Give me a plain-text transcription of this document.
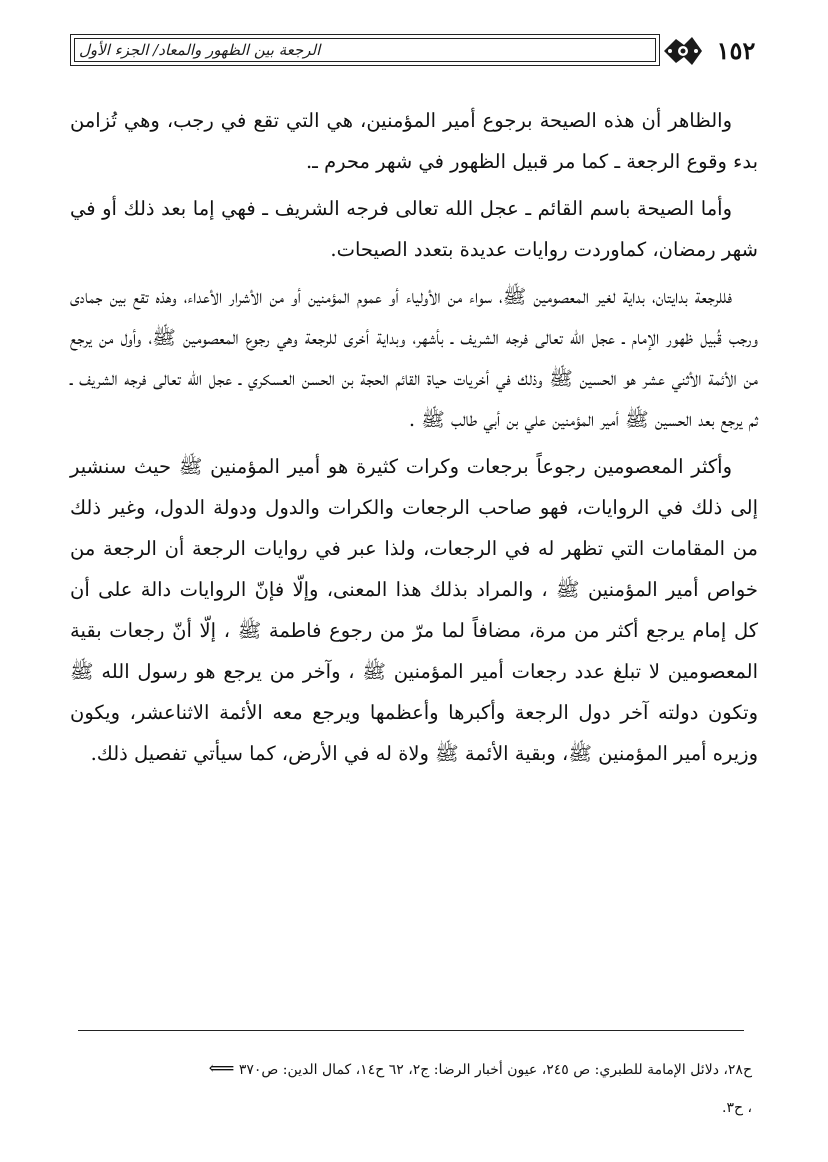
الرجعة بين الظهور والمعاد/ الجزء الأول	١٥٢

والظاهر أن هذه الصيحة برجوع أمير المؤمنين، هي التي تقع في رجب، وهي تُزامن بدء وقوع الرجعة ـ كما مر قبيل الظهور في شهر محرم ـ.

وأما الصيحة باسم القائم ـ عجل الله تعالى فرجه الشريف ـ فهي إما بعد ذلك أو في شهر رمضان، كماوردت روايات عديدة بتعدد الصيحات.

فللرجعة بدايتان، بداية لغير المعصومين ﷺ، سواء من الأولياء أو عموم المؤمنين أو من الأشرار الأعداء، وهذه تقع بين جمادى ورجب قُبيل ظهور الإمام ـ عجل الله تعالى فرجه الشريف ـ بأشهر، وبداية أخرى للرجعة وهي رجوع المعصومين ﷺ، وأول من يرجع من الأئمة الأثني عشر هو الحسين ﷺ وذلك في أخريات حياة القائم الحجة بن الحسن العسكري ـ عجل الله تعالى فرجه الشريف ـ ثم يرجع بعد الحسين ﷺ أمير المؤمنين علي بن أبي طالب ﷺ .

وأكثر المعصومين رجوعاً برجعات وكرات كثيرة هو أمير المؤمنين ﷺ حيث سنشير إلى ذلك في الروايات، فهو صاحب الرجعات والكرات والدول ودولة الدول، وغير ذلك من المقامات التي تظهر له في الرجعات، ولذا عبر في روايات الرجعة أن الرجعة من خواص أمير المؤمنين ﷺ ، والمراد بذلك هذا المعنى، وإلّا فإنّ الروايات دالة على أن كل إمام يرجع أكثر من مرة، مضافاً لما مرّ من رجوع فاطمة ﷺ ، إلّا أنّ رجعات بقية المعصومين لا تبلغ عدد رجعات أمير المؤمنين ﷺ ، وآخر من يرجع هو رسول الله ﷺ وتكون دولته آخر دول الرجعة وأكبرها وأعظمها ويرجع معه الأئمة الاثناعشر، ويكون وزيره أمير المؤمنين ﷺ، وبقية الأئمة ﷺ ولاة له في الأرض، كما سيأتي تفصيل ذلك.

ح٢٨، دلائل الإمامة للطبري: ص ٢٤٥، عيون أخبار الرضا: ج٢، ٦٢ ح١٤، كمال الدين: ص٣٧٠ ⟸
، ح٣.
